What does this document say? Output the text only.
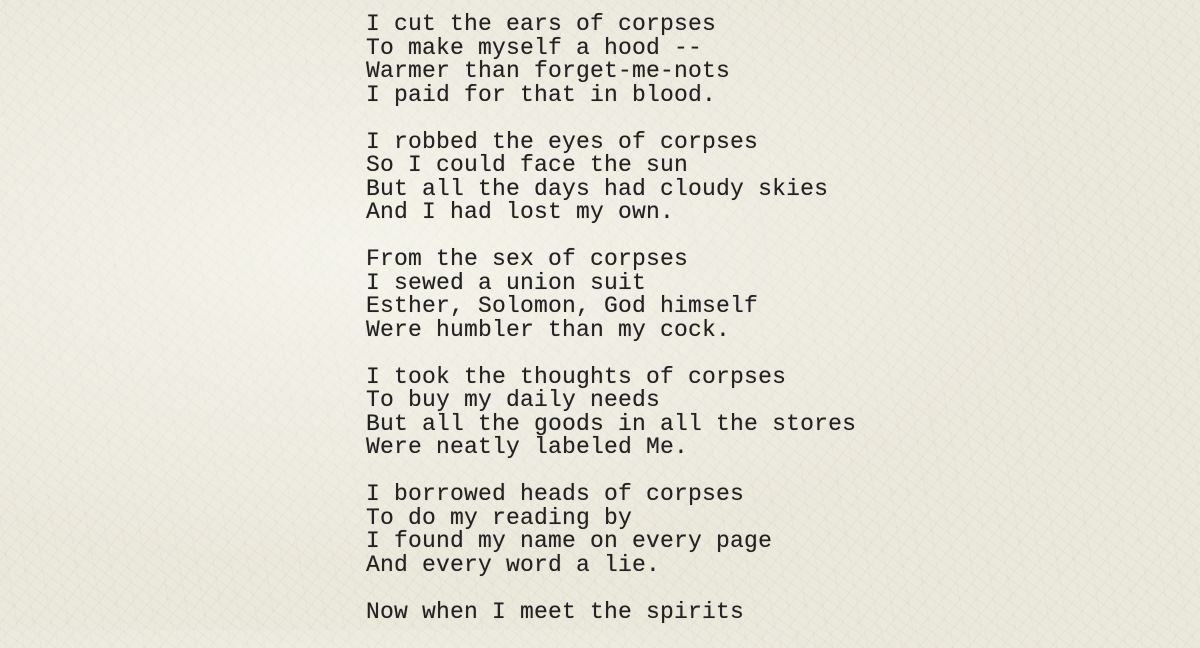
I cut the ears of corpses
To make myself a hood --
Warmer than forget-me-nots
I paid for that in blood.
I robbed the eyes of corpses
So I could face the sun
But all the days had cloudy skies
And I had lost my own.
From the sex of corpses
I sewed a union suit
Esther, Solomon, God himself
Were humbler than my cock.
I took the thoughts of corpses
To buy my daily needs
But all the goods in all the stores
Were neatly labeled Me.
I borrowed heads of corpses
To do my reading by
I found my name on every page
And every word a lie.
Now when I meet the spirits
